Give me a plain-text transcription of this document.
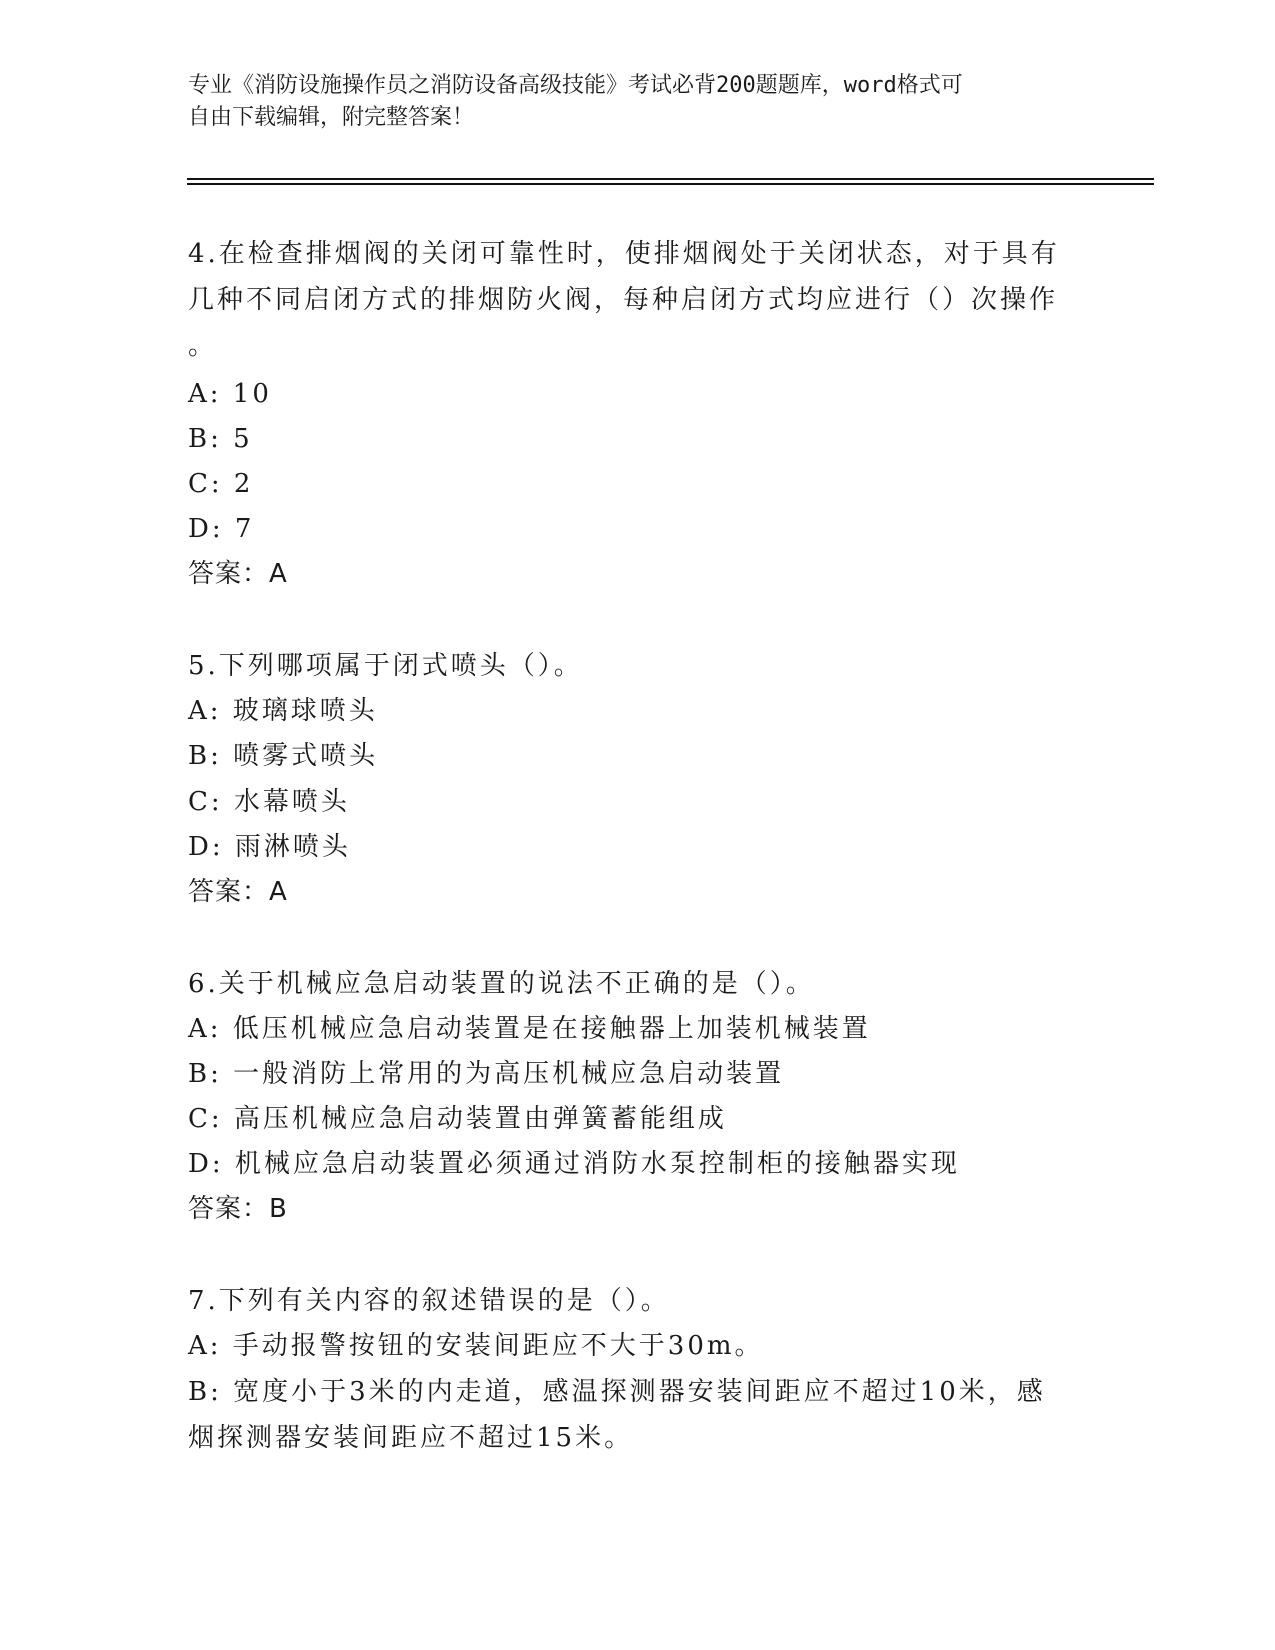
专业《消防设施操作员之消防设备高级技能》考试必背200题题库，word格式可
自由下载编辑，附完整答案！
4.在检查排烟阀的关闭可靠性时，使排烟阀处于关闭状态，对于具有
几种不同启闭方式的排烟防火阀，每种启闭方式均应进行（）次操作
。
A: 10
B: 5
C: 2
D: 7
答案：A
5.下列哪项属于闭式喷头（）。
A: 玻璃球喷头
B: 喷雾式喷头
C: 水幕喷头
D: 雨淋喷头
答案：A
6.关于机械应急启动装置的说法不正确的是（）。
A: 低压机械应急启动装置是在接触器上加装机械装置
B: 一般消防上常用的为高压机械应急启动装置
C: 高压机械应急启动装置由弹簧蓄能组成
D: 机械应急启动装置必须通过消防水泵控制柜的接触器实现
答案：B
7.下列有关内容的叙述错误的是（）。
A: 手动报警按钮的安装间距应不大于30m。
B: 宽度小于3米的内走道，感温探测器安装间距应不超过10米，感
烟探测器安装间距应不超过15米。
